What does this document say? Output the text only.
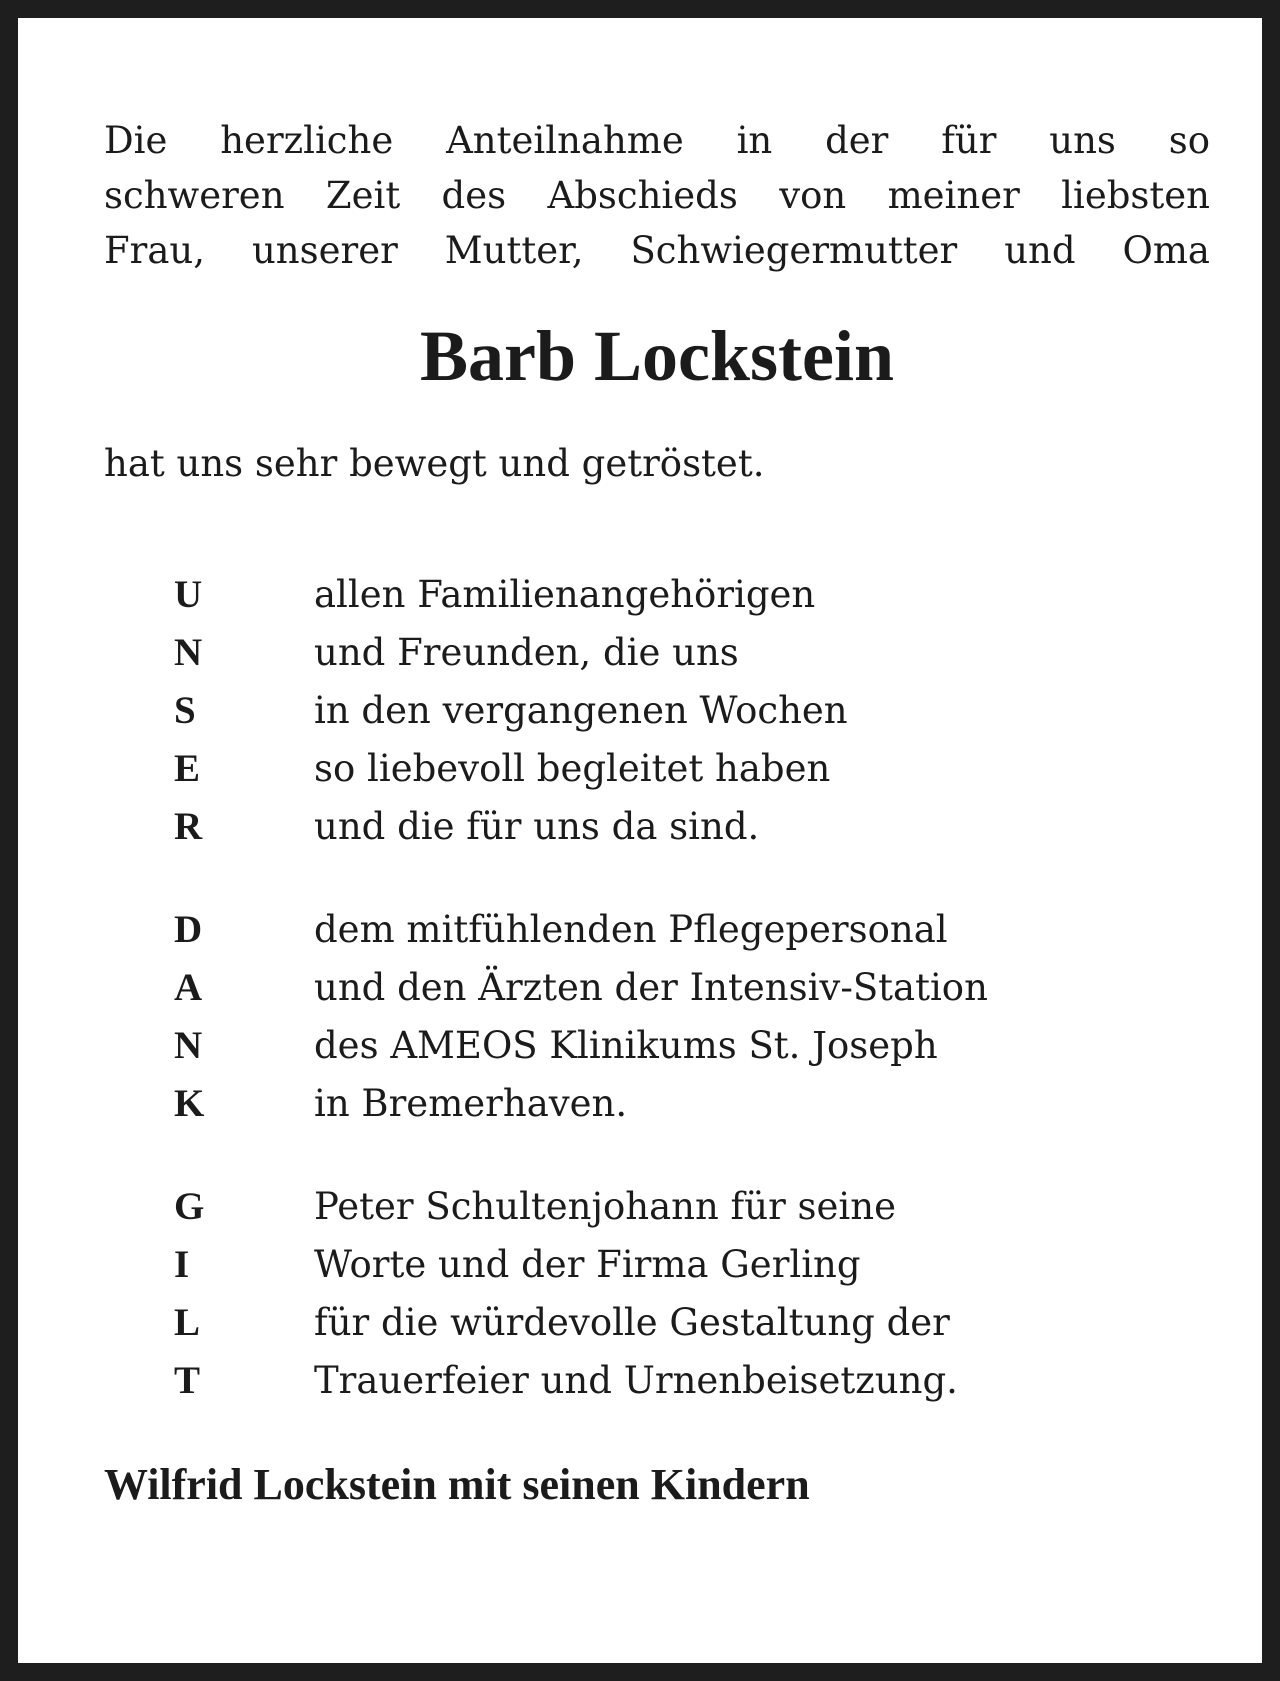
Die herzliche Anteilnahme in der für uns so
schweren Zeit des Abschieds von meiner liebsten
Frau, unserer Mutter, Schwiegermutter und Oma

Barb Lockstein

hat uns sehr bewegt und getröstet.

U	allen Familienangehörigen
N	und Freunden, die uns
S	in den vergangenen Wochen
E	so liebevoll begleitet haben
R	und die für uns da sind.
D	dem mitfühlenden Pflegepersonal
A	und den Ärzten der Intensiv-Station
N	des AMEOS Klinikums St. Joseph
K	in Bremerhaven.
G	Peter Schultenjohann für seine
I	Worte und der Firma Gerling
L	für die würdevolle Gestaltung der
T	Trauerfeier und Urnenbeisetzung.
Wilfrid Lockstein mit seinen Kindern
